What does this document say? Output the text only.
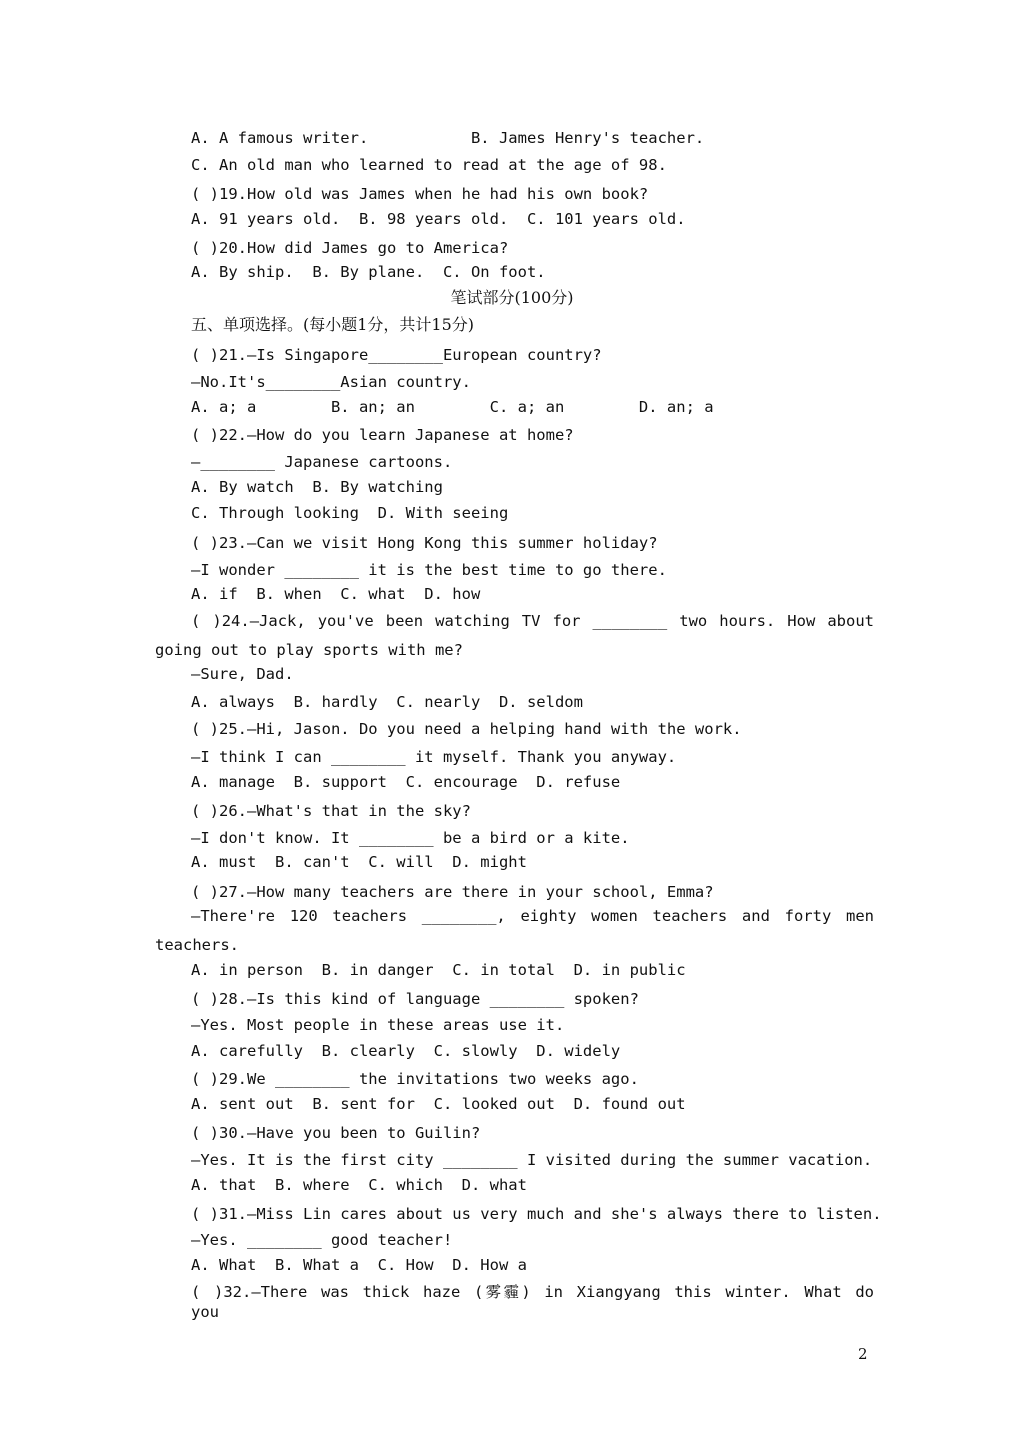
A. A famous writer.           B. James Henry's teacher.
C. An old man who learned to read at the age of 98.
( )19.How old was James when he had his own book?
A. 91 years old.  B. 98 years old.  C. 101 years old.
( )20.How did James go to America?
A. By ship.  B. By plane.  C. On foot.
笔试部分(100分)
五、单项选择。(每小题1分，共计15分)
( )21.—Is Singapore________European country?
—No.It's________Asian country.
A. a; a        B. an; an        C. a; an        D. an; a
( )22.—How do you learn Japanese at home?
—________ Japanese cartoons.
A. By watch  B. By watching
C. Through looking  D. With seeing
( )23.—Can we visit Hong Kong this summer holiday?
—I wonder ________ it is the best time to go there.
A. if  B. when  C. what  D. how
( )24.—Jack, you've been watching TV for ________ two hours. How about
going out to play sports with me?
—Sure, Dad.
A. always  B. hardly  C. nearly  D. seldom
( )25.—Hi, Jason. Do you need a helping hand with the work.
—I think I can ________ it myself. Thank you anyway.
A. manage  B. support  C. encourage  D. refuse
( )26.—What's that in the sky?
—I don't know. It ________ be a bird or a kite.
A. must  B. can't  C. will  D. might
( )27.—How many teachers are there in your school, Emma?
—There're 120 teachers ________, eighty women teachers and forty men
teachers.
A. in person  B. in danger  C. in total  D. in public
( )28.—Is this kind of language ________ spoken?
—Yes. Most people in these areas use it.
A. carefully  B. clearly  C. slowly  D. widely
( )29.We ________ the invitations two weeks ago.
A. sent out  B. sent for  C. looked out  D. found out
( )30.—Have you been to Guilin?
—Yes. It is the first city ________ I visited during the summer vacation.
A. that  B. where  C. which  D. what
( )31.—Miss Lin cares about us very much and she's always there to listen.
—Yes. ________ good teacher!
A. What  B. What a  C. How  D. How a
( )32.—There was thick haze (雾霾) in Xiangyang this winter. What do you
2
